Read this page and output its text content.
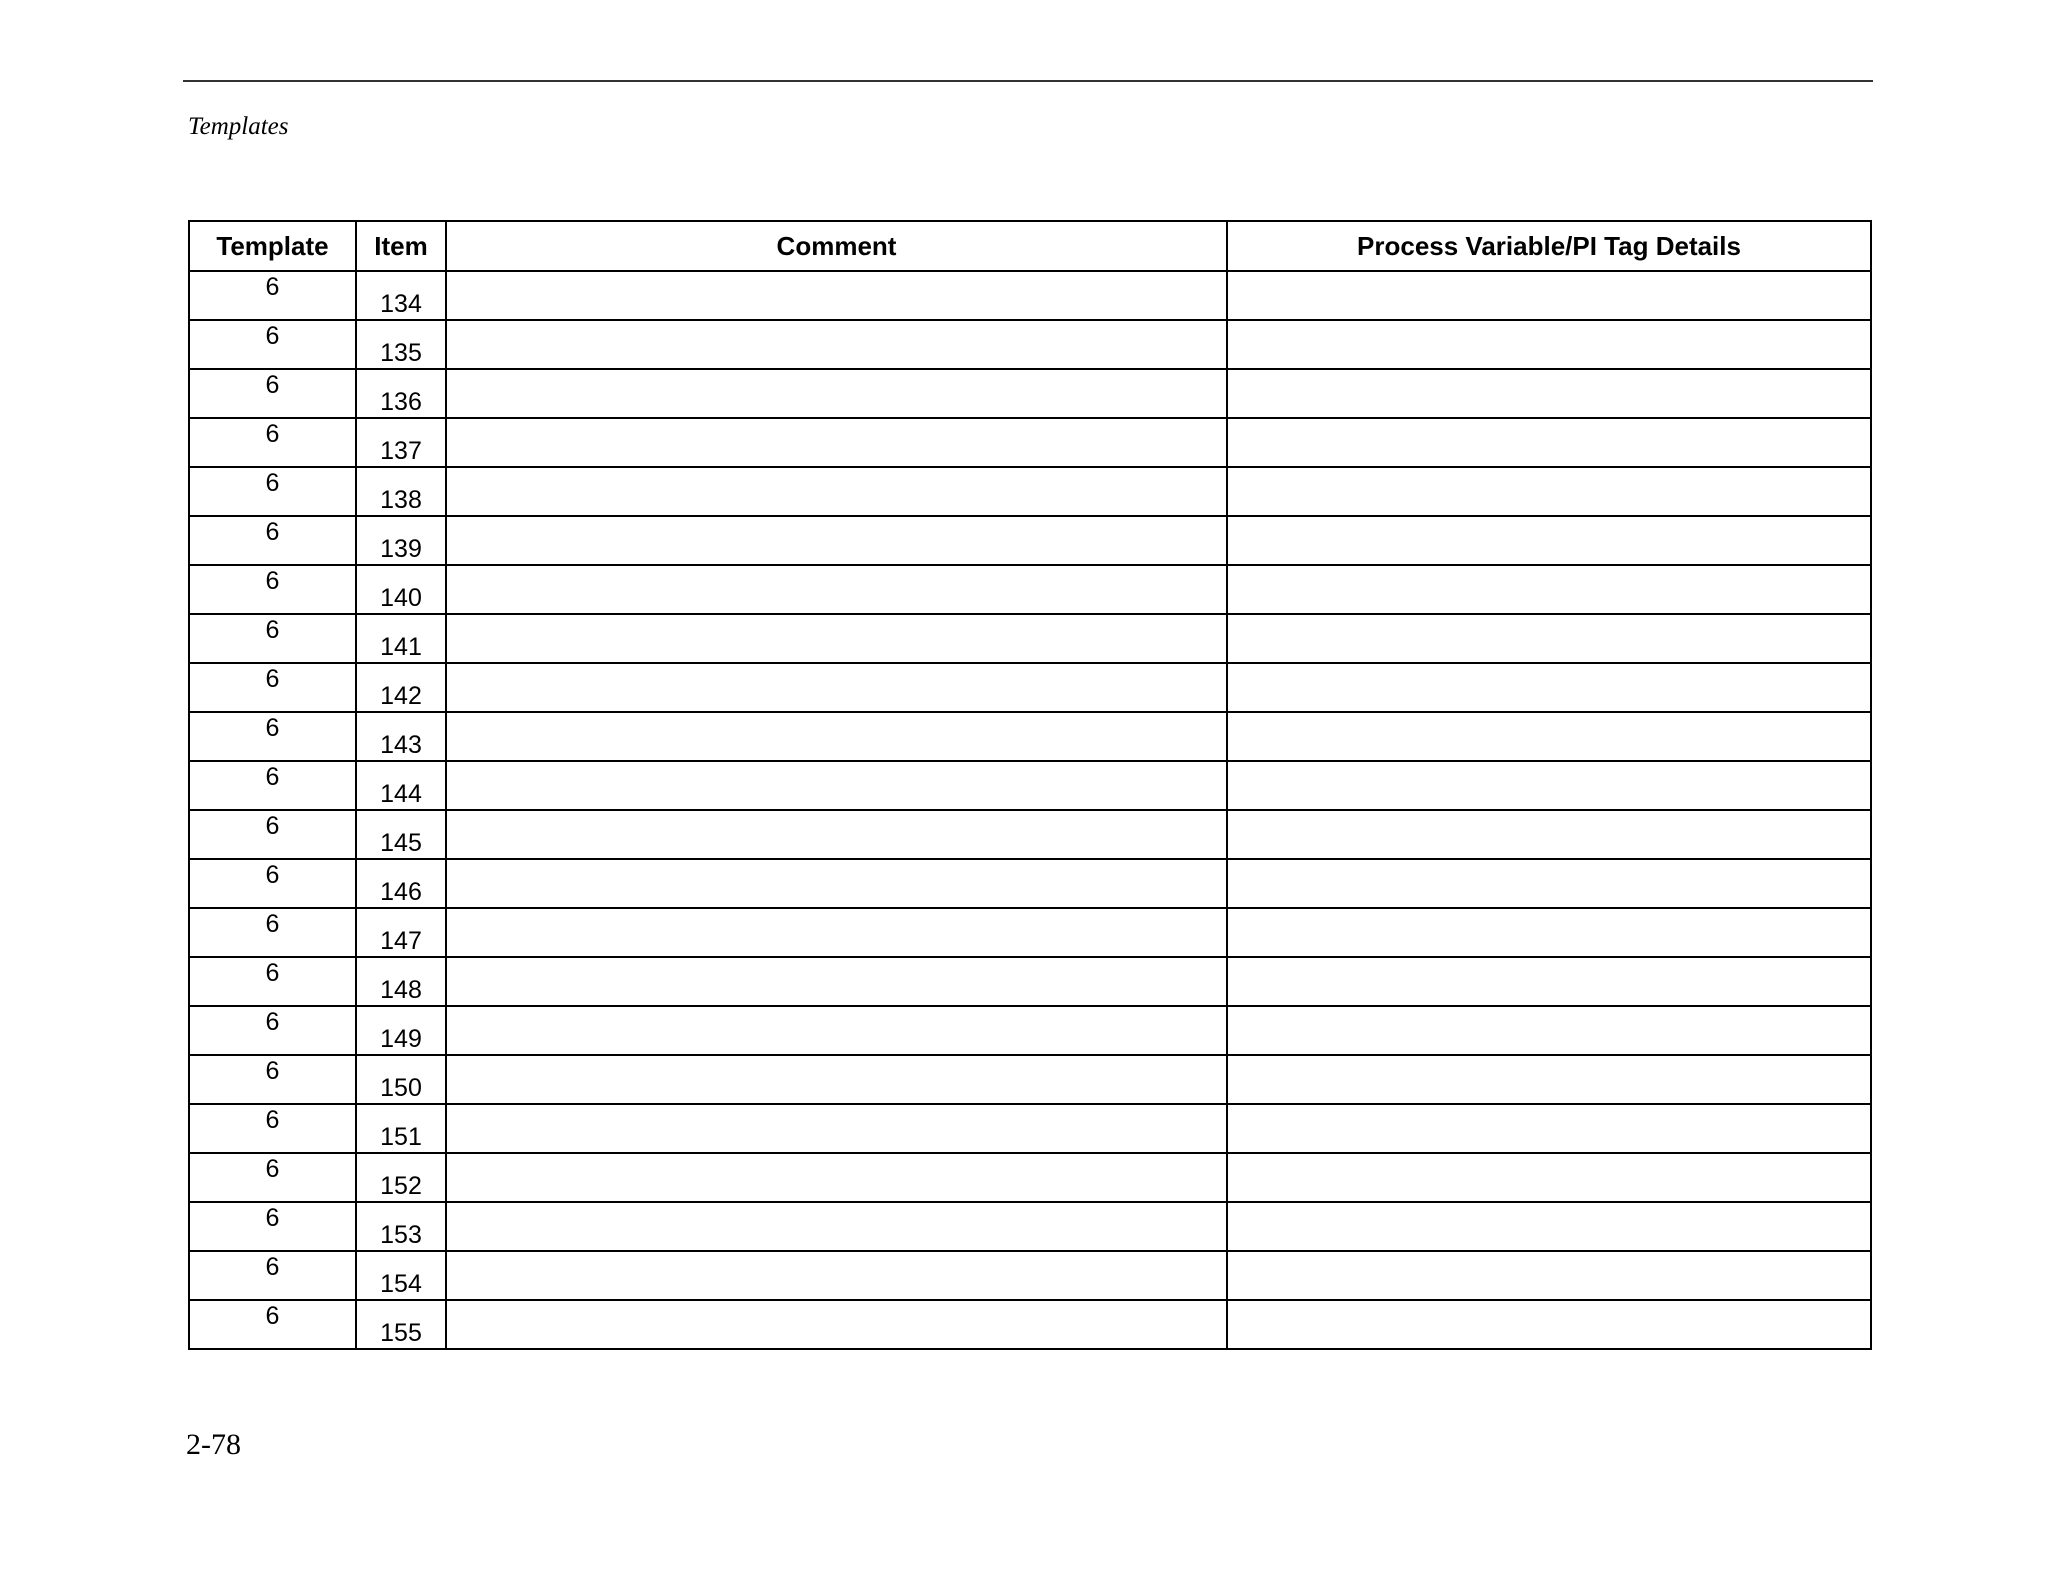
Templates
Template	Item	Comment	Process Variable/PI Tag Details
6	134		
6	135		
6	136		
6	137		
6	138		
6	139		
6	140		
6	141		
6	142		
6	143		
6	144		
6	145		
6	146		
6	147		
6	148		
6	149		
6	150		
6	151		
6	152		
6	153		
6	154		
6	155		
2-78
